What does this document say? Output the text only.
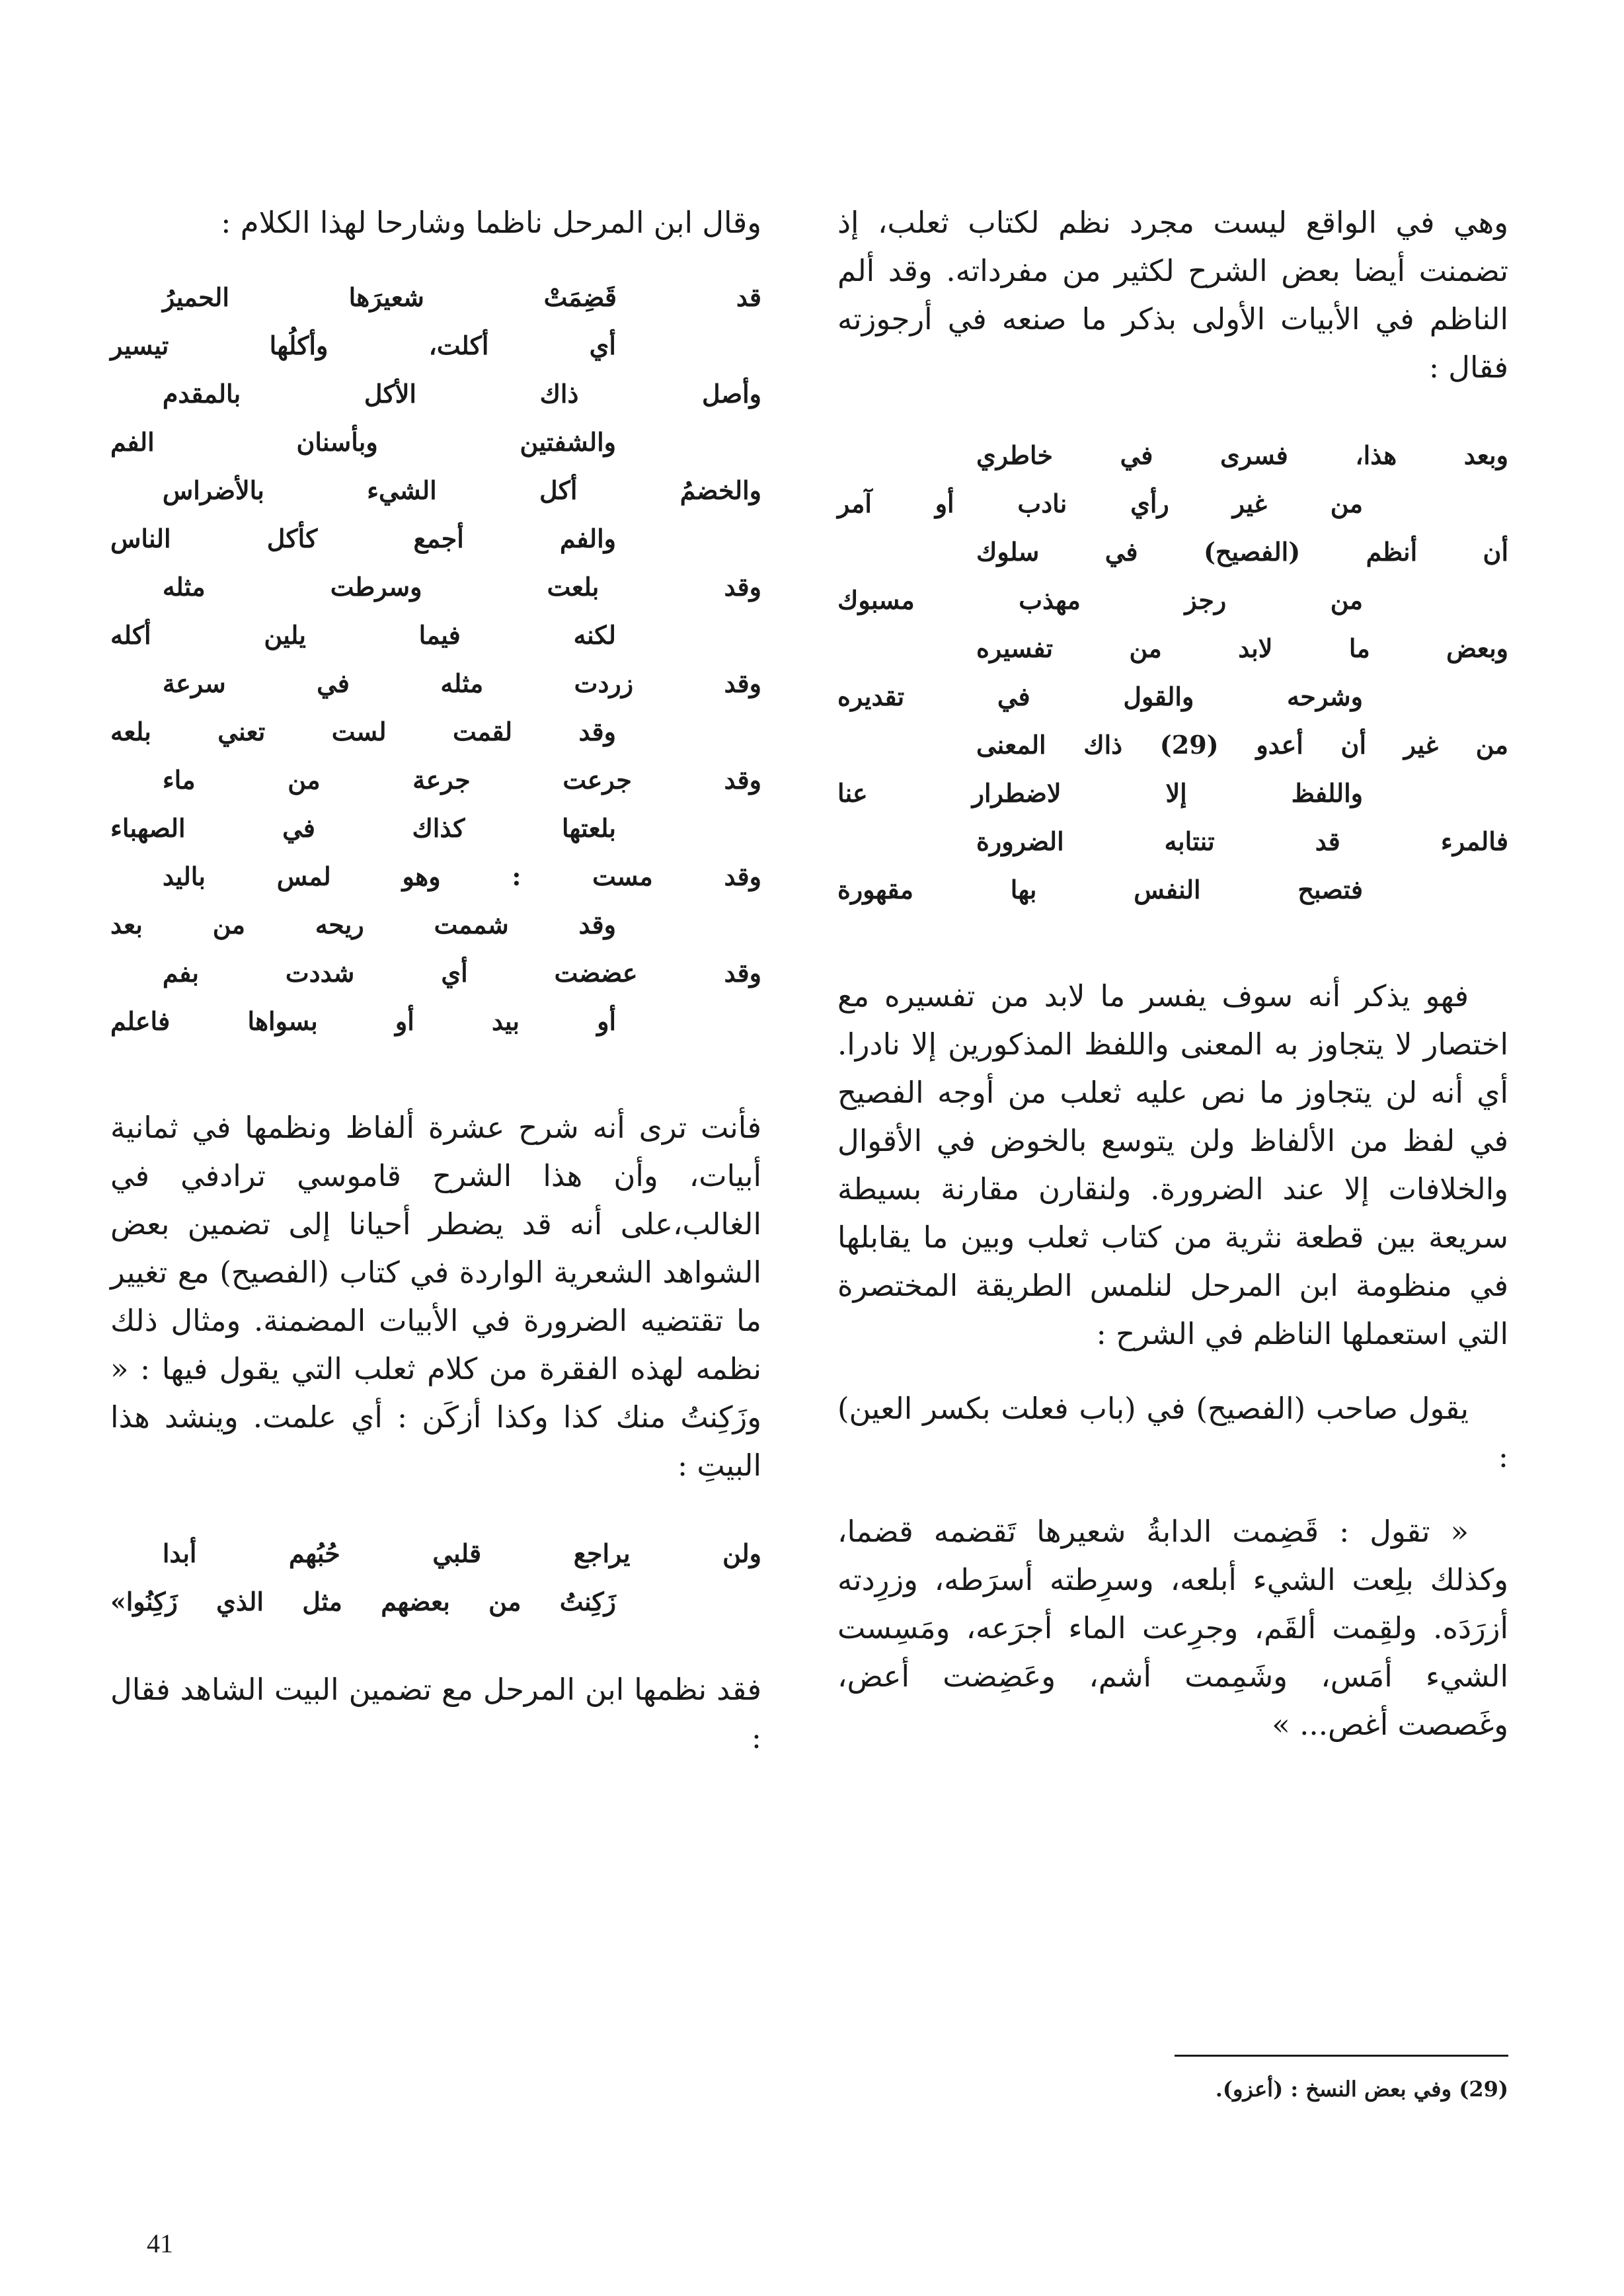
وهي في الواقع ليست مجرد نظم لكتاب ثعلب، إذ تضمنت أيضا بعض الشرح لكثير من مفرداته. وقد ألم الناظم في الأبيات الأولى بذكر ما صنعه في أرجوزته فقال :

وبعد هذا، فسرى في خاطري
من غير رأي نادب أو آمر
أن أنظم (الفصيح) في سلوك
من رجز مهذب مسبوك
وبعض ما لابد من تفسيره
وشرحه والقول في تقديره
من غير أن أعدو (29) ذاك المعنى
واللفظ إلا لاضطرار عنا
فالمرء قد تنتابه الضرورة
فتصبح النفس بها مقهورة

فهو يذكر أنه سوف يفسر ما لابد من تفسيره مع اختصار لا يتجاوز به المعنى واللفظ المذكورين إلا نادرا. أي أنه لن يتجاوز ما نص عليه ثعلب من أوجه الفصيح في لفظ من الألفاظ ولن يتوسع بالخوض في الأقوال والخلافات إلا عند الضرورة. ولنقارن مقارنة بسيطة سريعة بين قطعة نثرية من كتاب ثعلب وبين ما يقابلها في منظومة ابن المرحل لنلمس الطريقة المختصرة التي استعملها الناظم في الشرح :

يقول صاحب (الفصيح) في (باب فعلت بكسر العين) :

« تقول : قَضِمت الدابةُ شعيرها تَقضمه قضما، وكذلك بلِعت الشيء أبلعه، وسرِطته أسرَطه، وزرِدته أزرَدَه. ولقِمت ألقَم، وجرِعت الماء أجرَعه، ومَسِست الشيء أمَس، وشَمِمت أشم، وعَضِضت أعض، وغَصصت أغص... »

وقال ابن المرحل ناظما وشارحا لهذا الكلام :

قد قَضِمَتْ شعيرَها الحميرُ
أي أكلت، وأكلُها تيسير
وأصل ذاك الأكل بالمقدم
والشفتين وبأسنان الفم
والخضمُ أكل الشيء بالأضراس
والفم أجمع كأكل الناس
وقد بلعت وسرطت مثله
لكنه فيما يلين أكله
وقد زردت مثله في سرعة
وقد لقمت لست تعني بلعه
وقد جرعت جرعة من ماء
بلعتها كذاك في الصهباء
وقد مست : وهو لمس باليد
وقد شممت ريحه من بعد
وقد عضضت أي شددت بفم
أو بيد أو بسواها فاعلم

فأنت ترى أنه شرح عشرة ألفاظ ونظمها في ثمانية أبيات، وأن هذا الشرح قاموسي ترادفي في الغالب،على أنه قد يضطر أحيانا إلى تضمين بعض الشواهد الشعرية الواردة في كتاب (الفصيح) مع تغيير ما تقتضيه الضرورة في الأبيات المضمنة. ومثال ذلك نظمه لهذه الفقرة من كلام ثعلب التي يقول فيها : « وزَكِنتُ منك كذا وكذا أزكَن : أي علمت. وينشد هذا البيتِ :

ولن يراجع قلبي حُبُهم أبدا
زَكِنتُ من بعضهم مثل الذي زَكِنُوا»

فقد نظمها ابن المرحل مع تضمين البيت الشاهد فقال :

(29) وفي بعض النسخ : (أعزو).
41
